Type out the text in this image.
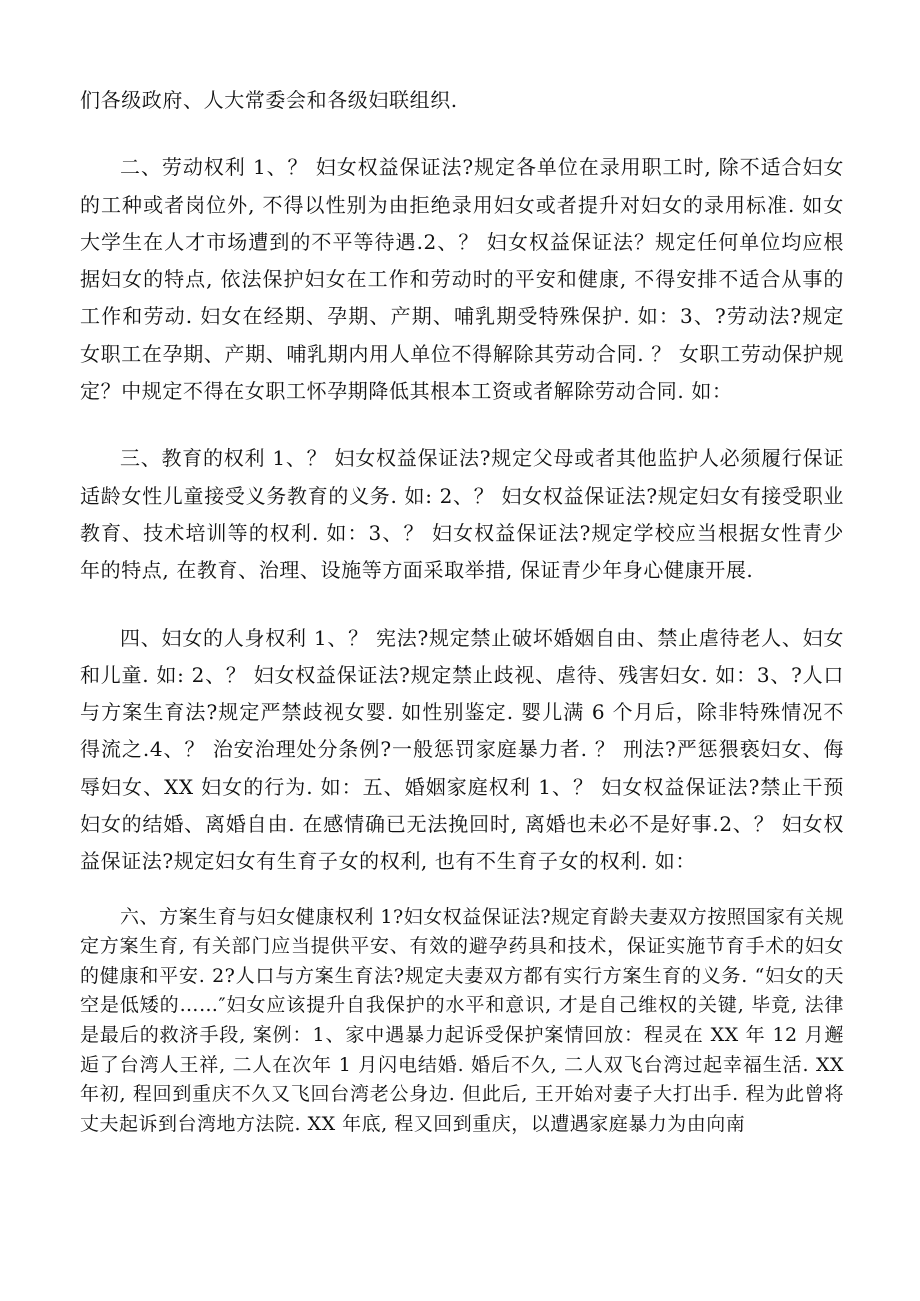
们各级政府、人大常委会和各级妇联组织.

二、劳动权利 1、？ 妇女权益保证法?规定各单位在录用职工时, 除不适合妇女的工种或者岗位外, 不得以性别为由拒绝录用妇女或者提升对妇女的录用标准. 如女大学生在人才市场遭到的不平等待遇.2、？ 妇女权益保证法？规定任何单位均应根据妇女的特点, 依法保护妇女在工作和劳动时的平安和健康, 不得安排不适合从事的工作和劳动. 妇女在经期、孕期、产期、哺乳期受特殊保护. 如：3、?劳动法?规定女职工在孕期、产期、哺乳期内用人单位不得解除其劳动合同. ？ 女职工劳动保护规定？中规定不得在女职工怀孕期降低其根本工资或者解除劳动合同. 如：

三、教育的权利 1、？ 妇女权益保证法?规定父母或者其他监护人必须履行保证适龄女性儿童接受义务教育的义务. 如: 2、？ 妇女权益保证法?规定妇女有接受职业教育、技术培训等的权利. 如：3、？ 妇女权益保证法?规定学校应当根据女性青少年的特点, 在教育、治理、设施等方面采取举措, 保证青少年身心健康开展.

四、妇女的人身权利 1、？ 宪法?规定禁止破坏婚姻自由、禁止虐待老人、妇女和儿童. 如: 2、？ 妇女权益保证法?规定禁止歧视、虐待、残害妇女. 如：3、?人口与方案生育法?规定严禁歧视女婴. 如性别鉴定. 婴儿满 6 个月后，除非特殊情况不得流之.4、？ 治安治理处分条例?一般惩罚家庭暴力者. ？ 刑法?严惩猥亵妇女、侮辱妇女、XX 妇女的行为. 如：五、婚姻家庭权利 1、？ 妇女权益保证法?禁止干预妇女的结婚、离婚自由. 在感情确已无法挽回时, 离婚也未必不是好事.2、？ 妇女权益保证法?规定妇女有生育子女的权利, 也有不生育子女的权利. 如：

六、方案生育与妇女健康权利 1?妇女权益保证法?规定育龄夫妻双方按照国家有关规定方案生育, 有关部门应当提供平安、有效的避孕药具和技术，保证实施节育手术的妇女的健康和平安. 2?人口与方案生育法?规定夫妻双方都有实行方案生育的义务. “妇女的天空是低矮的……″妇女应该提升自我保护的水平和意识, 才是自己维权的关键, 毕竟, 法律是最后的救济手段, 案例：1、家中遇暴力起诉受保护案情回放：程灵在 XX 年 12 月邂逅了台湾人王祥, 二人在次年 1 月闪电结婚. 婚后不久, 二人双飞台湾过起幸福生活. XX 年初, 程回到重庆不久又飞回台湾老公身边. 但此后, 王开始对妻子大打出手. 程为此曾将丈夫起诉到台湾地方法院. XX 年底, 程又回到重庆，以遭遇家庭暴力为由向南
